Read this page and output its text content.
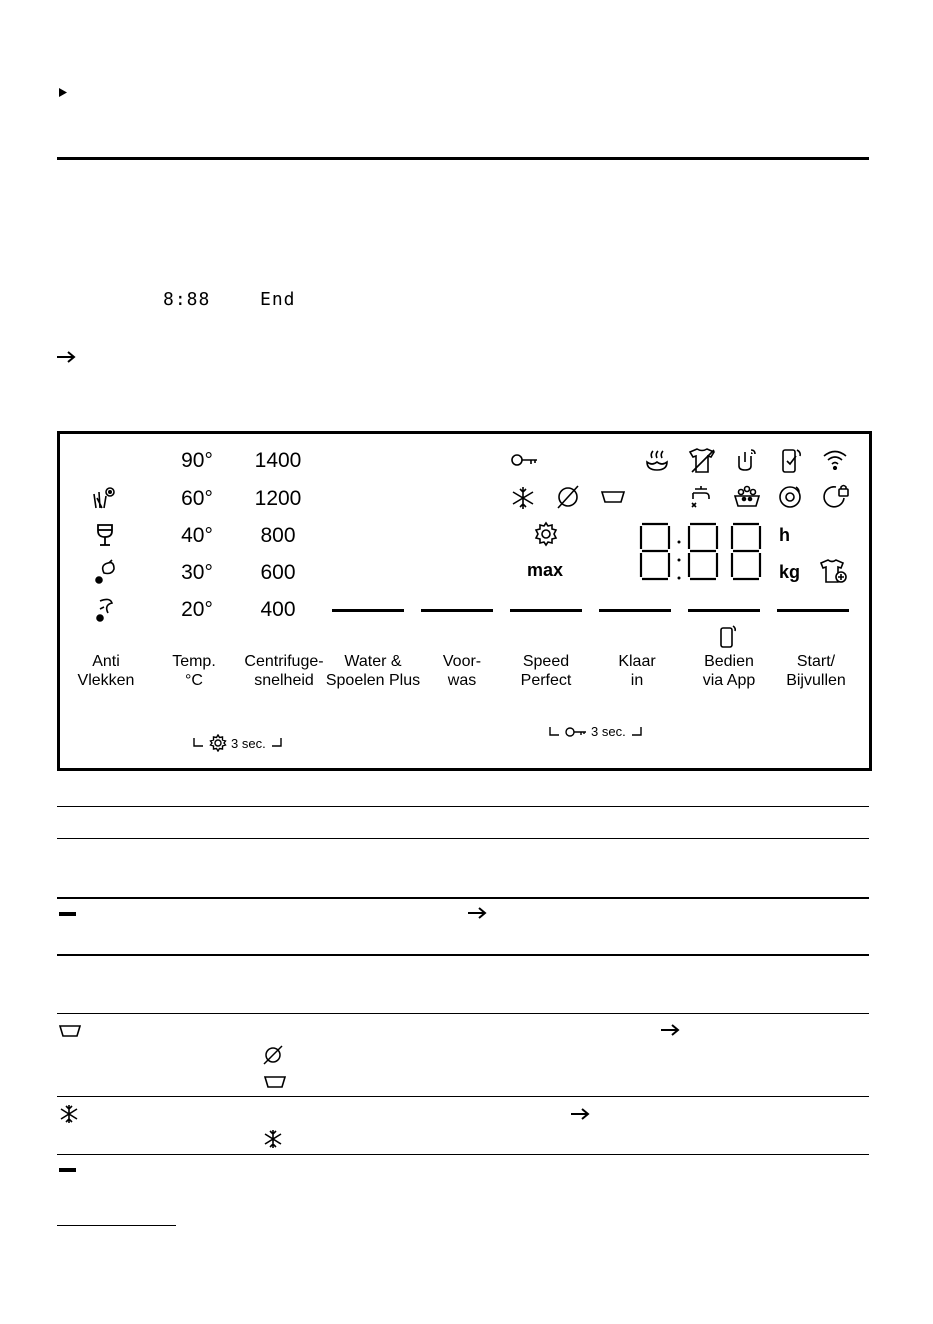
8:88	End
90°
60°
40°
30°
20°
1400
1200
800
600
400
max
h
kg
Anti
Vlekken
Temp.
°C
Centrifuge-
snelheid
Water &
Spoelen Plus
Voor-
was
Speed
Perfect
Klaar
in
Bedien
via App
Start/
Bijvullen
3 sec.
3 sec.
